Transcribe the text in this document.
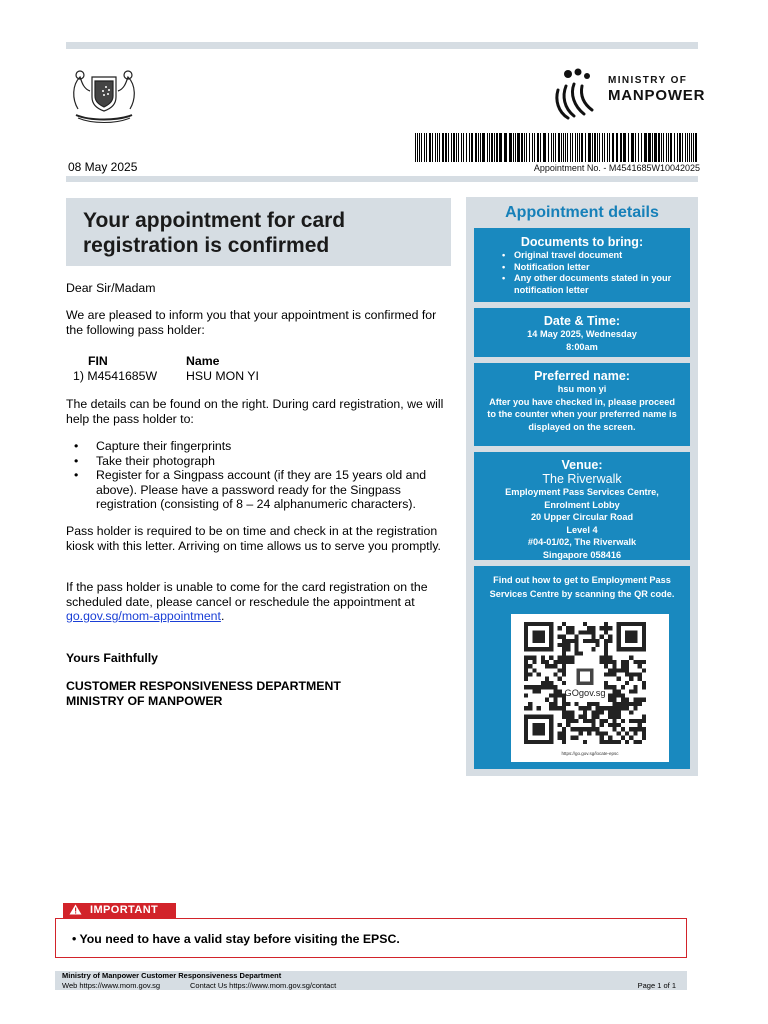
MINISTRY OF
MANPOWER
Appointment No. - M4541685W10042025
08 May 2025
Your appointment for card registration is confirmed
Dear Sir/Madam

We are pleased to inform you that your appointment is confirmed for the following pass holder:

FIN	Name
1) M4541685W	HSU MON YI

The details can be found on the right. During card registration, we will help the pass holder to:

• Capture their fingerprints
• Take their photograph
• Register for a Singpass account (if they are 15 years old and above). Please have a password ready for the Singpass registration (consisting of 8 – 24 alphanumeric characters).

Pass holder is required to be on time and check in at the registration kiosk with this letter. Arriving on time allows us to serve you promptly.

If the pass holder is unable to come for the card registration on the scheduled date, please cancel or reschedule the appointment at go.gov.sg/mom-appointment.

Yours Faithfully
CUSTOMER RESPONSIVENESS DEPARTMENT
MINISTRY OF MANPOWER
Appointment details
Documents to bring:
• Original travel document
• Notification letter
• Any other documents stated in your notification letter
Date & Time:
14 May 2025, Wednesday
8:00am
Preferred name:
hsu mon yi
After you have checked in, please proceed to the counter when your preferred name is displayed on the screen.
Venue:
The Riverwalk
Employment Pass Services Centre,
Enrolment Lobby
20 Upper Circular Road
Level 4
#04-01/02, The Riverwalk
Singapore 058416
Find out how to get to Employment Pass Services Centre by scanning the QR code.
GOgov.sg
https://go.gov.sg/locate-epsc
IMPORTANT
• You need to have a valid stay before visiting the EPSC.
Ministry of Manpower Customer Responsiveness Department
Web https://www.mom.gov.sg	Contact Us https://www.mom.gov.sg/contact	Page 1 of 1
